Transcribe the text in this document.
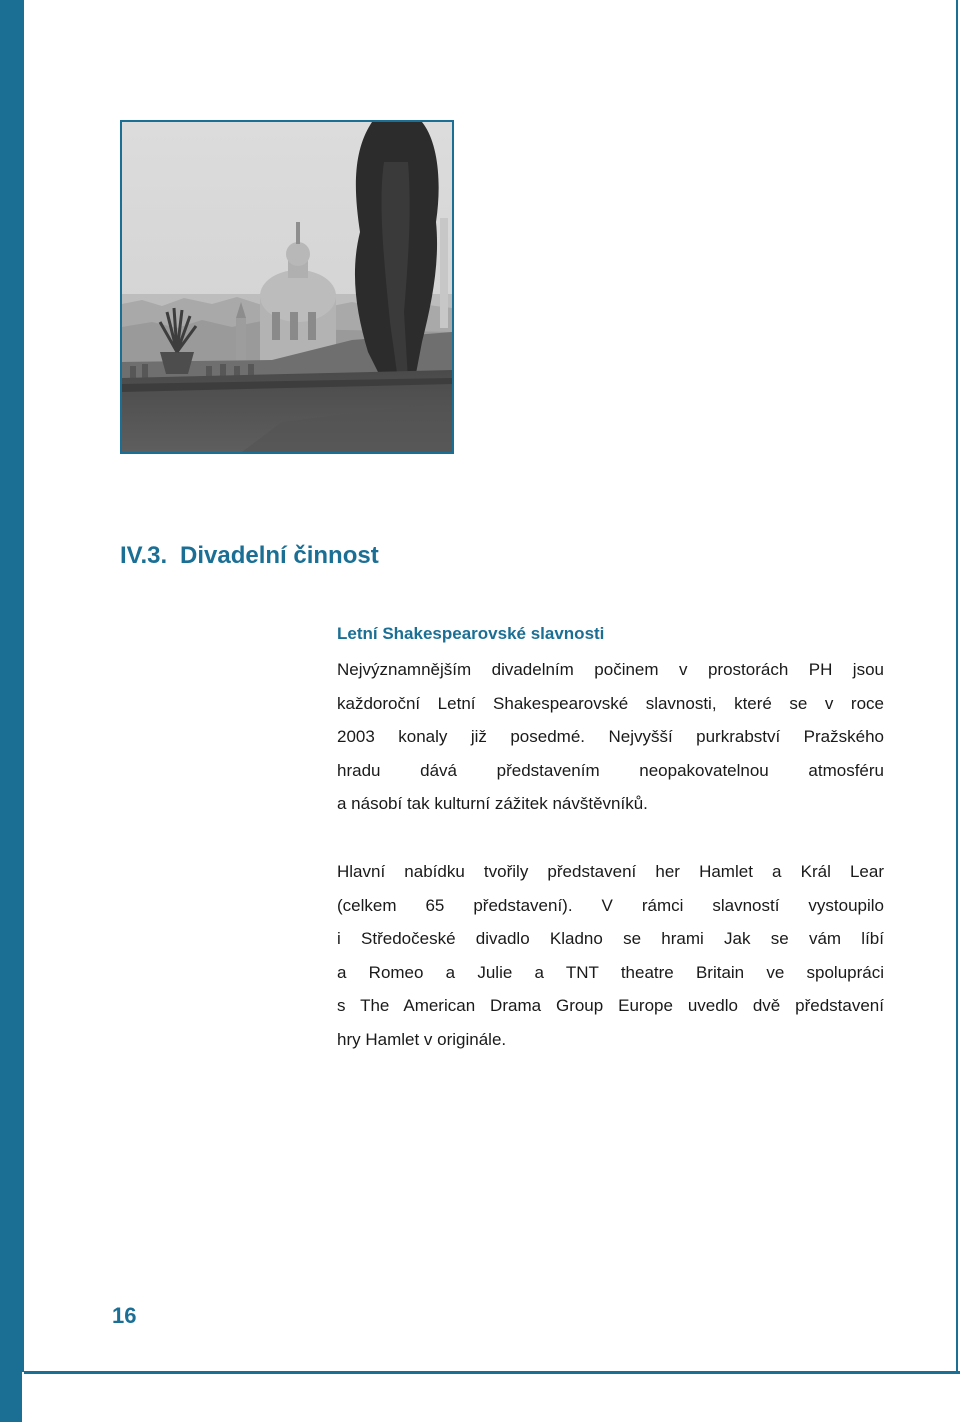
IV.3. Divadelní činnost
Letní Shakespearovské slavnosti
Nejvýznamnějším divadelním počinem v prostorách PH jsou
každoroční Letní Shakespearovské slavnosti, které se v roce
2003 konaly již posedmé. Nejvyšší purkrabství Pražského
hradu dává představením neopakovatelnou atmosféru
a násobí tak kulturní zážitek návštěvníků.
Hlavní nabídku tvořily představení her Hamlet a Král Lear
(celkem 65 představení). V rámci slavností vystoupilo
i Středočeské divadlo Kladno se hrami Jak se vám líbí
a Romeo a Julie a TNT theatre Britain ve spolupráci
s The American Drama Group Europe uvedlo dvě představení
hry Hamlet v originále.
16
